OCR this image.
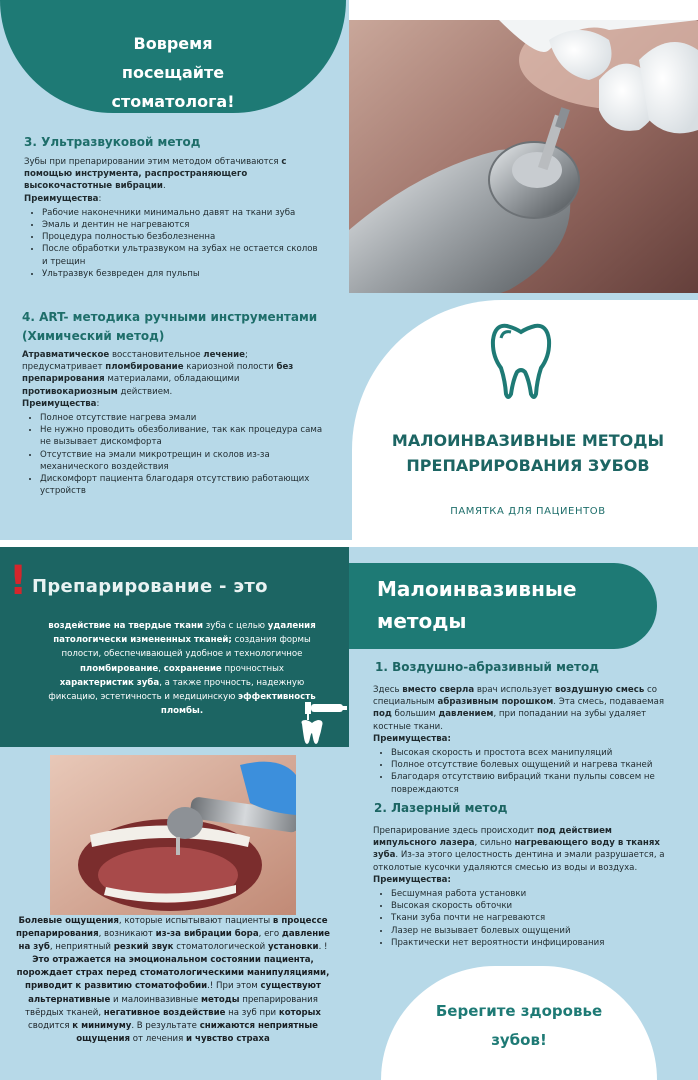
Вовремя посещайте стоматолога!
3. Ультразвуковой метод
Зубы при препарировании этим методом обтачиваются с помощью инструмента, распространяющего высокочастотные вибрации.
Преимущества:
• Рабочие наконечники минимально давят на ткани зуба
• Эмаль и дентин не нагреваются
• Процедура полностью безболезненна
• После обработки ультразвуком на зубах не остается сколов и трещин
• Ультразвук безвреден для пульпы
4. ART- методика ручными инструментами (Химический метод)
Атравматическое восстановительное лечение; предусматривает пломбирование кариозной полости без препарирования материалами, обладающими противокариозным действием.
Преимущества:
• Полное отсутствие нагрева эмали
• Не нужно проводить обезболивание, так как процедура сама не вызывает дискомфорта
• Отсутствие на эмали микротрещин и сколов из-за механического воздействия
• Дискомфорт пациента благодаря отсутствию работающих устройств
МАЛОИНВАЗИВНЫЕ МЕТОДЫ ПРЕПАРИРОВАНИЯ ЗУБОВ
ПАМЯТКА ДЛЯ ПАЦИЕНТОВ
! Препарирование - это
воздействие на твердые ткани зуба с целью удаления патологически измененных тканей; создания формы полости, обеспечивающей удобное и технологичное пломбирование, сохранение прочностных характеристик зуба, а также прочность, надежную фиксацию, эстетичность и медицинскую эффективность пломбы.
Болевые ощущения, которые испытывают пациенты в процессе препарирования, возникают из-за вибрации бора, его давление на зуб, неприятный резкий звук стоматологической установки. !Это отражается на эмоциональном состоянии пациента, порождает страх перед стоматологическими манипуляциями, приводит к развитию стоматофобии.! При этом существуют альтернативные и малоинвазивные методы препарирования твёрдых тканей, негативное воздействие на зуб при которых сводится к минимуму. В результате снижаются неприятные ощущения от лечения и чувство страха
Малоинвазивные методы
1. Воздушно-абразивный метод
Здесь вместо сверла врач использует воздушную смесь со специальным абразивным порошком. Эта смесь, подаваемая под большим давлением, при попадании на зубы удаляет костные ткани.
Преимущества:
• Высокая скорость и простота всех манипуляций
• Полное отсутствие болевых ощущений и нагрева тканей
• Благодаря отсутствию вибраций ткани пульпы совсем не повреждаются
2. Лазерный метод
Препарирование здесь происходит под действием импульсного лазера, сильно нагревающего воду в тканях зуба. Из-за этого целостность дентина и эмали разрушается, а отколотые кусочки удаляются смесью из воды и воздуха.
Преимущества:
• Бесшумная работа установки
• Высокая скорость обточки
• Ткани зуба почти не нагреваются
• Лазер не вызывает болевых ощущений
• Практически нет вероятности инфицирования
Берегите здоровье зубов!
